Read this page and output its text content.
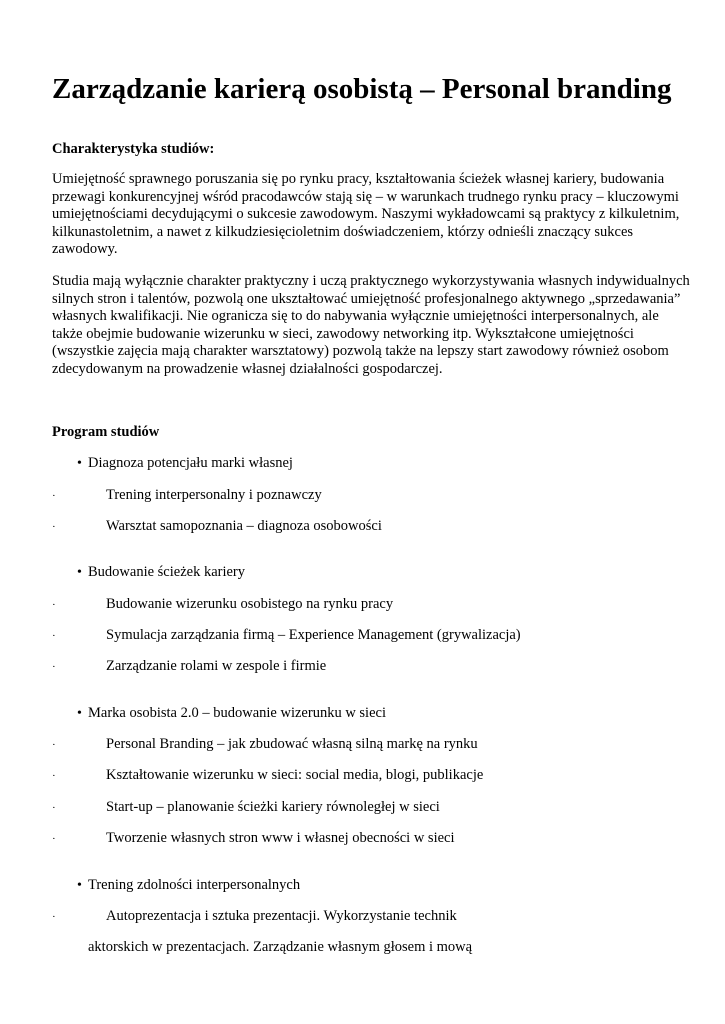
Zarządzanie karierą osobistą – Personal branding
Charakterystyka studiów:

Umiejętność sprawnego poruszania się po rynku pracy, kształtowania ścieżek własnej kariery, budowania przewagi konkurencyjnej wśród pracodawców stają się – w warunkach trudnego rynku pracy – kluczowymi umiejętnościami decydującymi o sukcesie zawodowym. Naszymi wykładowcami są praktycy z kilkuletnim, kilkunastoletnim, a nawet z kilkudziesięcioletnim doświadczeniem, którzy odnieśli znaczący sukces zawodowy.

Studia mają wyłącznie charakter praktyczny i uczą praktycznego wykorzystywania własnych indywidualnych silnych stron i talentów, pozwolą one ukształtować umiejętność profesjonalnego aktywnego „sprzedawania” własnych kwalifikacji. Nie ogranicza się to do nabywania wyłącznie umiejętności interpersonalnych, ale także obejmie budowanie wizerunku w sieci, zawodowy networking itp. Wykształcone umiejętności (wszystkie zajęcia mają charakter warsztatowy) pozwolą także na lepszy start zawodowy również osobom zdecydowanym na prowadzenie własnej działalności gospodarczej.

Program studiów

• Diagnoza potencjału marki własnej

·	Trening interpersonalny i poznawczy

·	Warsztat samopoznania – diagnoza osobowości

• Budowanie ścieżek kariery

·	Budowanie wizerunku osobistego na rynku pracy

·	Symulacja zarządzania firmą – Experience Management (grywalizacja)

·	Zarządzanie rolami w zespole i firmie

• Marka osobista 2.0 – budowanie wizerunku w sieci

·	Personal Branding – jak zbudować własną silną markę na rynku

·	Kształtowanie wizerunku w sieci: social media, blogi, publikacje

·	Start-up – planowanie ścieżki kariery równoległej w sieci

·	Tworzenie własnych stron www i własnej obecności w sieci

• Trening zdolności interpersonalnych

·	Autoprezentacja i sztuka prezentacji. Wykorzystanie technik

aktorskich w prezentacjach. Zarządzanie własnym głosem i mową
